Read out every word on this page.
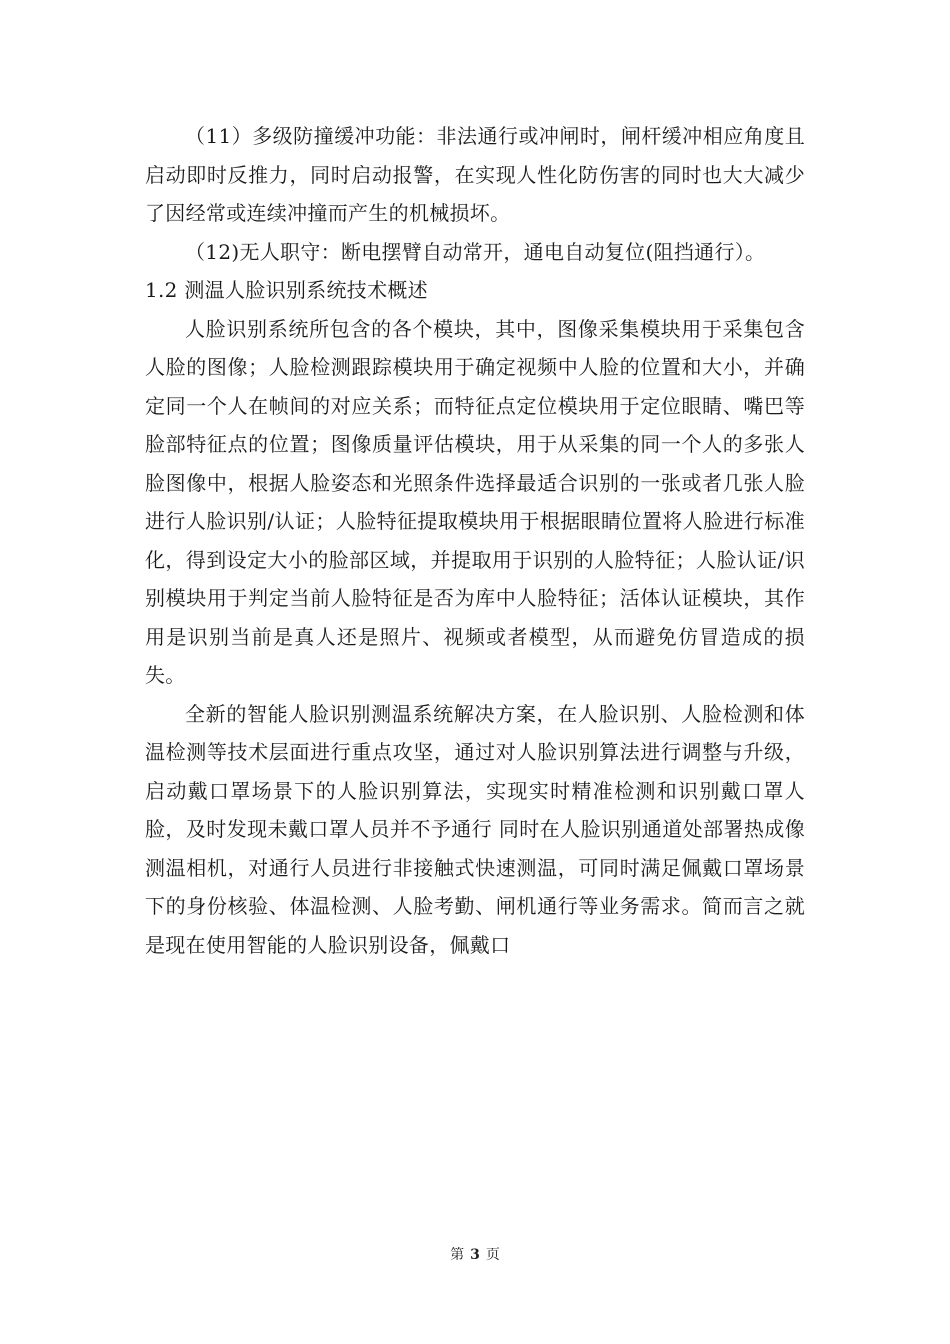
（11）多级防撞缓冲功能：非法通行或冲闸时，闸杆缓冲相应角度且启动即时反推力，同时启动报警，在实现人性化防伤害的同时也大大减少了因经常或连续冲撞而产生的机械损坏。

（12)无人职守：断电摆臂自动常开，通电自动复位(阻挡通行）。

1.2 测温人脸识别系统技术概述

人脸识别系统所包含的各个模块，其中，图像采集模块用于采集包含人脸的图像；人脸检测跟踪模块用于确定视频中人脸的位置和大小，并确定同一个人在帧间的对应关系；而特征点定位模块用于定位眼睛、嘴巴等脸部特征点的位置；图像质量评估模块，用于从采集的同一个人的多张人脸图像中，根据人脸姿态和光照条件选择最适合识别的一张或者几张人脸进行人脸识别/认证；人脸特征提取模块用于根据眼睛位置将人脸进行标准化，得到设定大小的脸部区域，并提取用于识别的人脸特征；人脸认证/识别模块用于判定当前人脸特征是否为库中人脸特征；活体认证模块，其作用是识别当前是真人还是照片、视频或者模型，从而避免仿冒造成的损失。

全新的智能人脸识别测温系统解决方案，在人脸识别、人脸检测和体温检测等技术层面进行重点攻坚，通过对人脸识别算法进行调整与升级，启动戴口罩场景下的人脸识别算法，实现实时精准检测和识别戴口罩人脸，及时发现未戴口罩人员并不予通行 同时在人脸识别通道处部署热成像测温相机，对通行人员进行非接触式快速测温，可同时满足佩戴口罩场景下的身份核验、体温检测、人脸考勤、闸机通行等业务需求。简而言之就是现在使用智能的人脸识别设备，佩戴口

第 3 页
